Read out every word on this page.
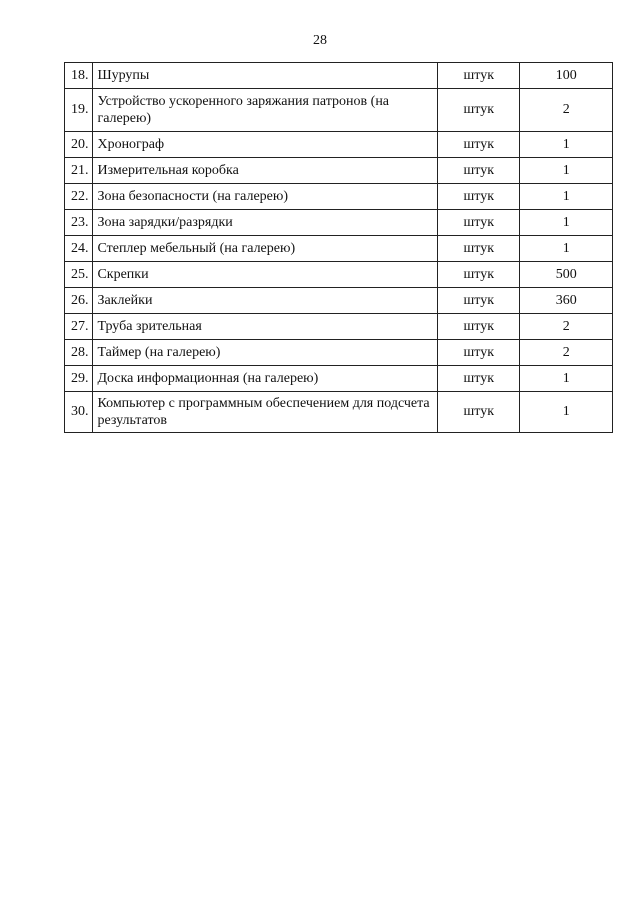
28
18.	Шурупы	штук	100
19.	Устройство ускоренного заряжания патронов (на галерею)	штук	2
20.	Хронограф	штук	1
21.	Измерительная коробка	штук	1
22.	Зона безопасности (на галерею)	штук	1
23.	Зона зарядки/разрядки	штук	1
24.	Степлер мебельный (на галерею)	штук	1
25.	Скрепки	штук	500
26.	Заклейки	штук	360
27.	Труба зрительная	штук	2
28.	Таймер (на галерею)	штук	2
29.	Доска информационная (на галерею)	штук	1
30.	Компьютер с программным обеспечением для подсчета результатов	штук	1
